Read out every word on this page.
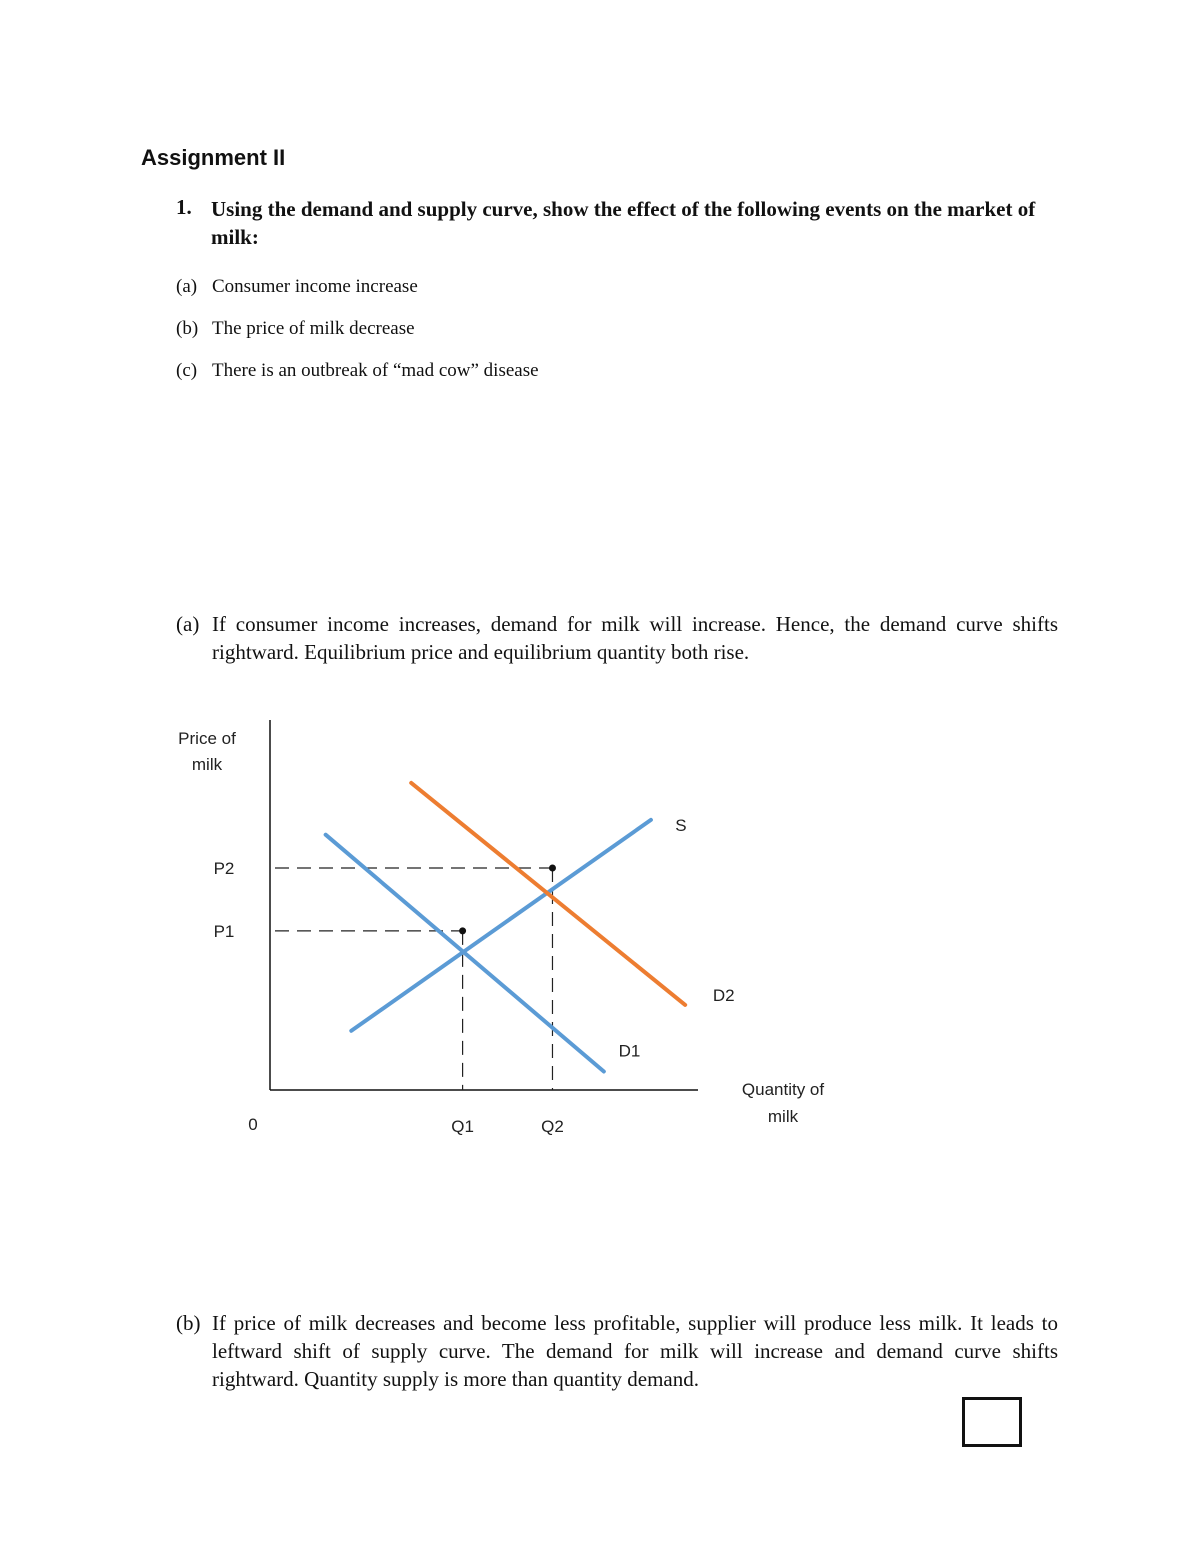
Assignment II
1. Using the demand and supply curve, show the effect of the following events on the market of milk:
(a) Consumer income increase
(b) The price of milk decrease
(c) There is an outbreak of “mad cow” disease
(a) If consumer income increases, demand for milk will increase. Hence, the demand curve shifts rightward. Equilibrium price and equilibrium quantity both rise.
S
D1
D2
P2
P1
Q1	Q2
0
Price of
milk
Quantity of
milk
(b) If price of milk decreases and become less profitable, supplier will produce less milk. It leads to leftward shift of supply curve. The demand for milk will increase and demand curve shifts rightward. Quantity supply is more than quantity demand.
